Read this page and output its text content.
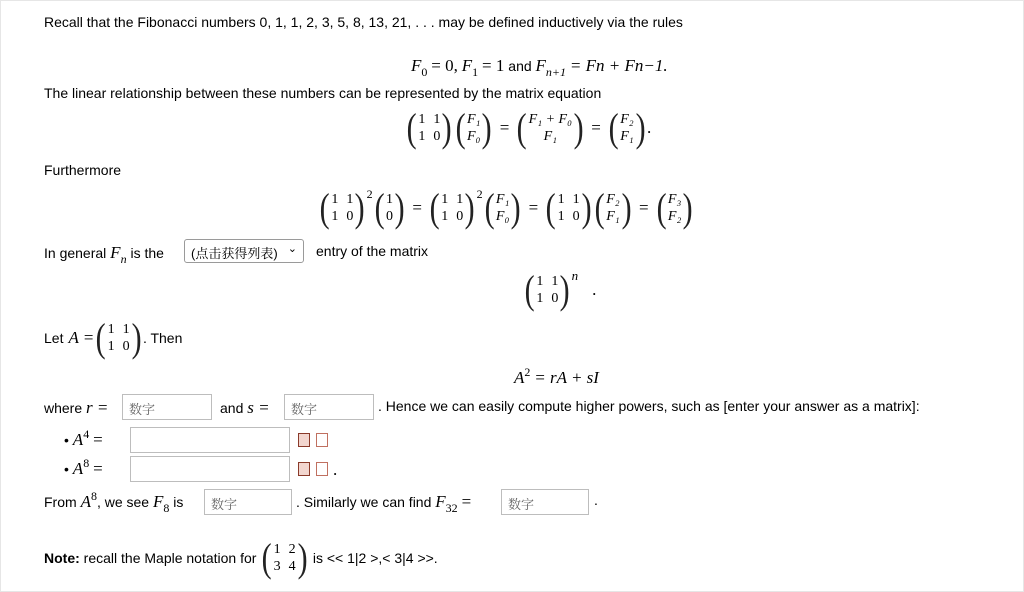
Recall that the Fibonacci numbers 0, 1, 1, 2, 3, 5, 8, 13, 21, . . . may be defined inductively via the rules
F0 = 0, F1 = 1 and Fn+1 = Fn + Fn−1.
The linear relationship between these numbers can be represented by the matrix equation
( 1 1
1 0 ) ( F₁
F₀ ) = ( F₁ + F₀
F₁ ) = ( F₂
F₁ ) .
Furthermore
( 1 1
1 0 ) 2 ( 1
0 ) = ( 1 1
1 0 ) 2 ( F₁
F₀ ) = ( 1 1
1 0 ) ( F₂
F₁ ) = ( F₃
F₂ )
In general Fn is the	(点击获得列表) ⌄ entry of the matrix
( 1 1
1 0 ) n
.
Let A = ( 1 1
1 0 ) . Then
A2 = rA + sI
where r =	数字	and s =	数字	. Hence we can easily compute higher powers, such as [enter your answer as a matrix]:
• A4 =
• A8 =	.
From A8, we see F8 is	数字	. Similarly we can find F32 =	数字	.
Note:
recall the Maple notation for
( 1 2
3 4 )
is << 1|2 >,< 3|4 >>.
